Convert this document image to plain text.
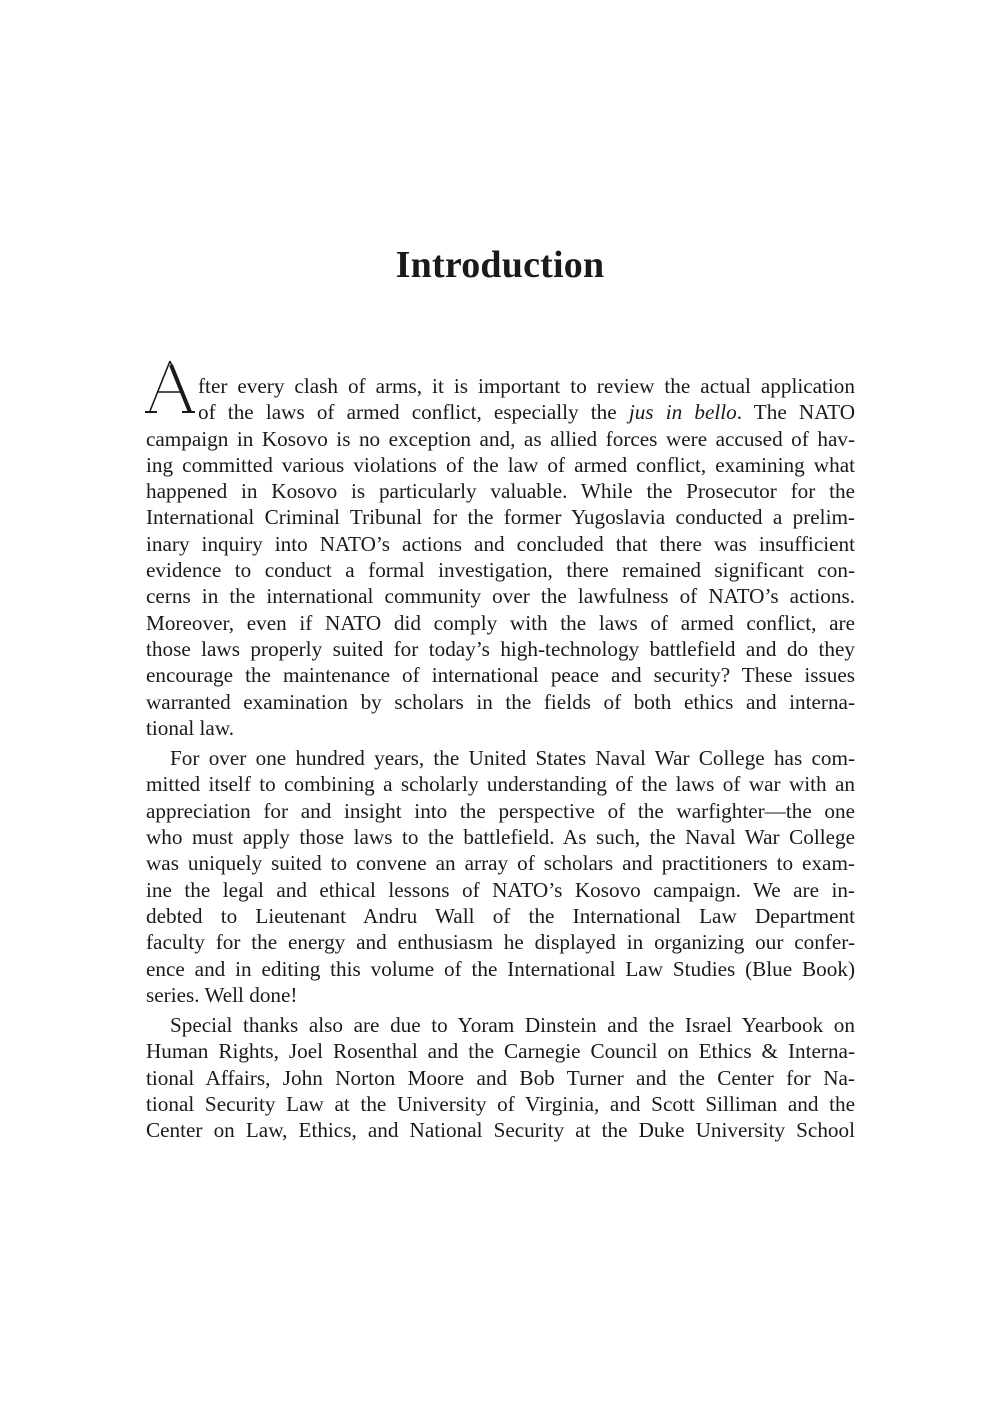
Introduction
fter every clash of arms, it is important to review the actual application
of the laws of armed conflict, especially the jus in bello. The NATO
campaign in Kosovo is no exception and, as allied forces were accused of hav-
ing committed various violations of the law of armed conflict, examining what
happened in Kosovo is particularly valuable. While the Prosecutor for the
International Criminal Tribunal for the former Yugoslavia conducted a prelim-
inary inquiry into NATO’s actions and concluded that there was insufficient
evidence to conduct a formal investigation, there remained significant con-
cerns in the international community over the lawfulness of NATO’s actions.
Moreover, even if NATO did comply with the laws of armed conflict, are
those laws properly suited for today’s high-technology battlefield and do they
encourage the maintenance of international peace and security? These issues
warranted examination by scholars in the fields of both ethics and interna-
tional law.
For over one hundred years, the United States Naval War College has com-
mitted itself to combining a scholarly understanding of the laws of war with an
appreciation for and insight into the perspective of the warfighter—the one
who must apply those laws to the battlefield. As such, the Naval War College
was uniquely suited to convene an array of scholars and practitioners to exam-
ine the legal and ethical lessons of NATO’s Kosovo campaign. We are in-
debted to Lieutenant Andru Wall of the International Law Department
faculty for the energy and enthusiasm he displayed in organizing our confer-
ence and in editing this volume of the International Law Studies (Blue Book)
series. Well done!
Special thanks also are due to Yoram Dinstein and the Israel Yearbook on
Human Rights, Joel Rosenthal and the Carnegie Council on Ethics & Interna-
tional Affairs, John Norton Moore and Bob Turner and the Center for Na-
tional Security Law at the University of Virginia, and Scott Silliman and the
Center on Law, Ethics, and National Security at the Duke University School
